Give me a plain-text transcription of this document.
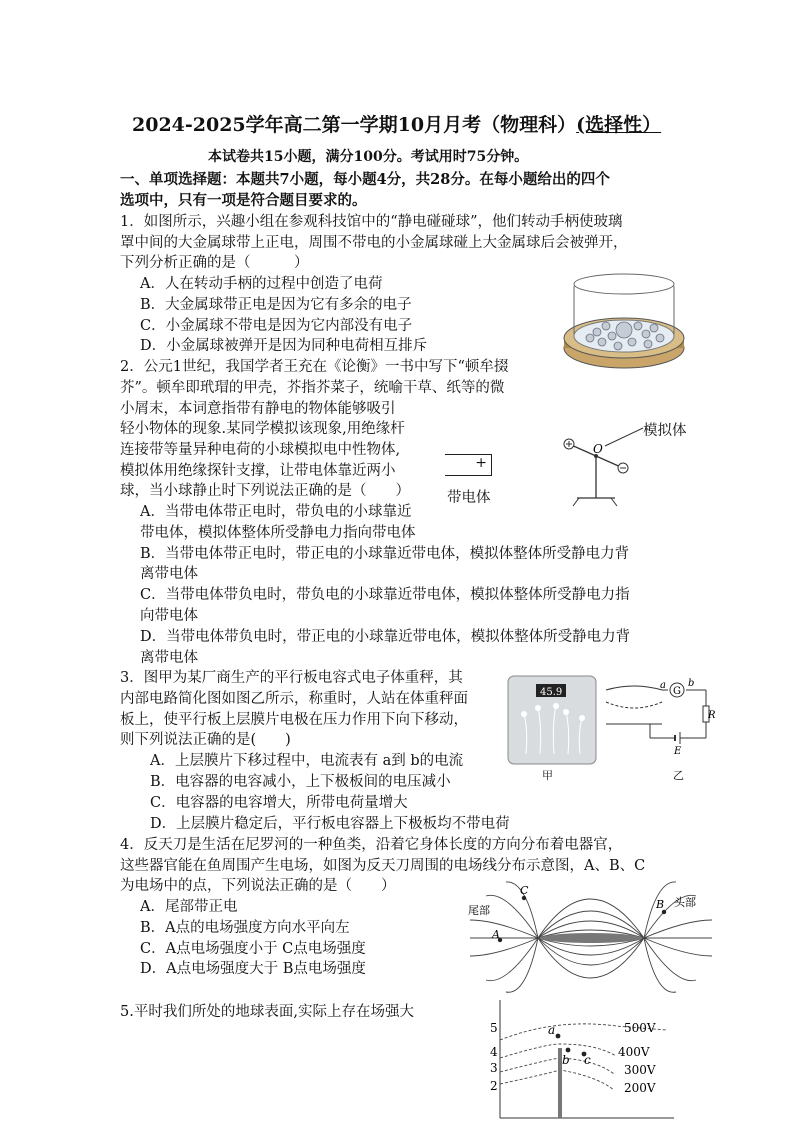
2024-2025学年高二第一学期10月月考（物理科）(选择性）
本试卷共15小题，满分100分。考试用时75分钟。
一、单项选择题：本题共7小题，每小题4分，共28分。在每小题给出的四个
选项中，只有一项是符合题目要求的。
1．如图所示，兴趣小组在参观科技馆中的“静电碰碰球”，他们转动手柄使玻璃
罩中间的大金属球带上正电，周围不带电的小金属球碰上大金属球后会被弹开，
下列分析正确的是（　　　）
A．人在转动手柄的过程中创造了电荷
B．大金属球带正电是因为它有多余的电子
C．小金属球不带电是因为它内部没有电子
D．小金属球被弹开是因为同种电荷相互排斥
2．公元1世纪，我国学者王充在《论衡》一书中写下“顿牟掇
芥”。顿牟即玳瑁的甲壳，芥指芥菜子，统喻干草、纸等的微
小屑末，本词意指带有静电的物体能够吸引
轻小物体的现象.某同学模拟该现象,用绝缘杆
连接带等量异种电荷的小球模拟电中性物体,
模拟体用绝缘探针支撑，让带电体靠近两小
球，当小球静止时下列说法正确的是（　　）
A．当带电体带正电时，带负电的小球靠近
带电体，模拟体整体所受静电力指向带电体
B．当带电体带正电时，带正电的小球靠近带电体，模拟体整体所受静电力背
离带电体
C．当带电体带负电时，带负电的小球靠近带电体，模拟体整体所受静电力指
向带电体
D．当带电体带负电时，带正电的小球靠近带电体，模拟体整体所受静电力背
离带电体
+
带电体
模拟体
O
3．图甲为某厂商生产的平行板电容式电子体重秤，其
内部电路简化图如图乙所示，称重时，人站在体重秤面
板上，使平行板上层膜片电极在压力作用下向下移动，
则下列说法正确的是(　　)
A．上层膜片下移过程中，电流表有 a到 b的电流
B．电容器的电容减小，上下极板间的电压减小
C．电容器的电容增大，所带电荷量增大
D．上层膜片稳定后，平行板电容器上下极板均不带电荷
45.9
甲
G
a b
R
E
乙
4．反天刀是生活在尼罗河的一种鱼类，沿着它身体长度的方向分布着电器官，
这些器官能在鱼周围产生电场，如图为反天刀周围的电场线分布示意图，A、B、C
为电场中的点，下列说法正确的是（　　）
A．尾部带正电
B．A点的电场强度方向水平向左
C．A点电场强度小于 C点电场强度
D．A点电场强度大于 B点电场强度
尾部
头部
A
C
B
5.平时我们所处的地球表面,实际上存在场强大
5
4
3
2
500V
400V
300V
200V
a
b c
